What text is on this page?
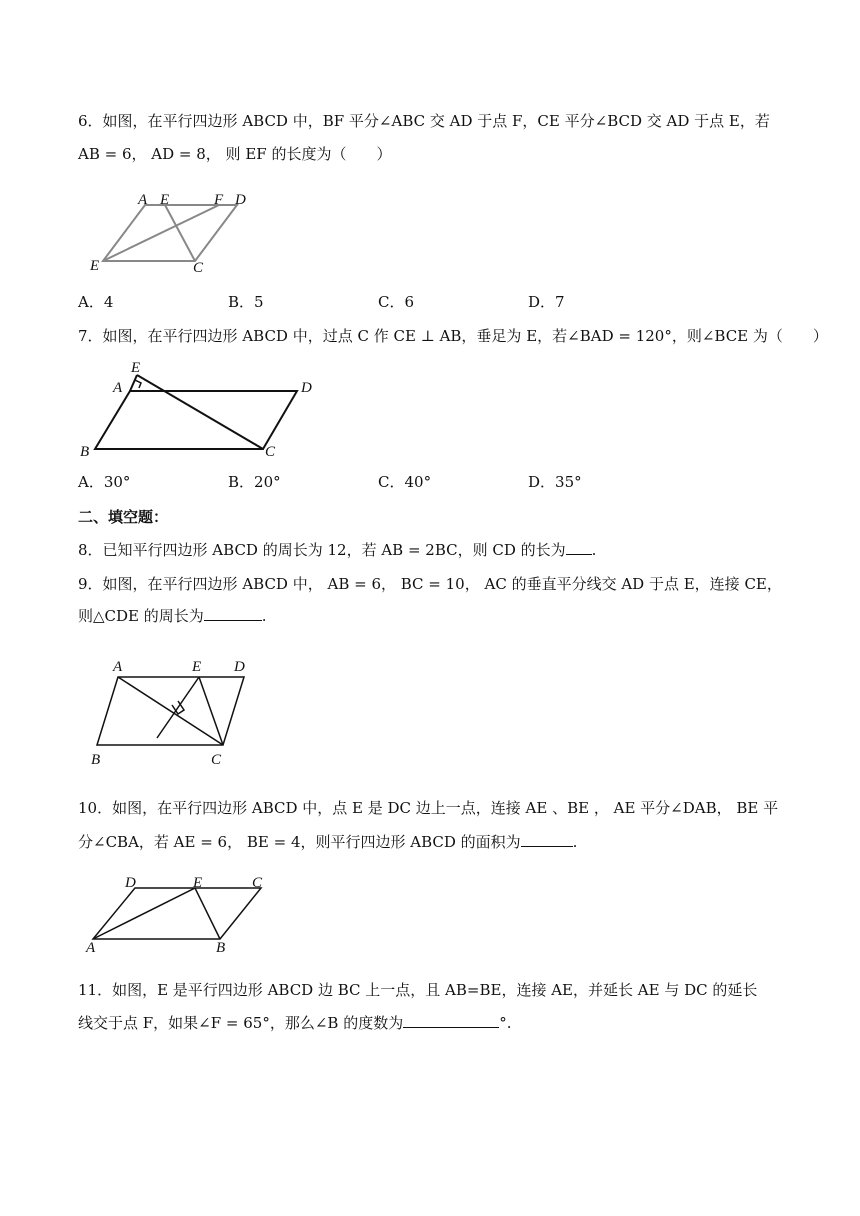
6．如图，在平行四边形 ABCD 中，BF 平分∠ABC 交 AD 于点 F，CE 平分∠BCD 交 AD 于点 E，若
AB = 6， AD = 8， 则 EF 的长度为（　　）
A E	F D
E	C
A．4	B．5	C．6	D．7
7．如图，在平行四边形 ABCD 中，过点 C 作 CE ⊥ AB，垂足为 E，若∠BAD = 120°，则∠BCE 为（　　）
E
A	D
B	C
A．30°	B．20°	C．40°	D．35°
二、填空题：
8．已知平行四边形 ABCD 的周长为 12，若 AB = 2BC，则 CD 的长为 .
9．如图，在平行四边形 ABCD 中， AB = 6， BC = 10， AC 的垂直平分线交 AD 于点 E，连接 CE，
则△CDE 的周长为	.
A	E D
B	C
10．如图，在平行四边形 ABCD 中，点 E 是 DC 边上一点，连接 AE 、BE ， AE 平分∠DAB， BE 平
分∠CBA，若 AE = 6， BE = 4，则平行四边形 ABCD 的面积为	.
D	E	C
A	B
11．如图，E 是平行四边形 ABCD 边 BC 上一点，且 AB=BE，连接 AE，并延长 AE 与 DC 的延长
线交于点 F，如果∠F = 65°，那么∠B 的度数为	°.
